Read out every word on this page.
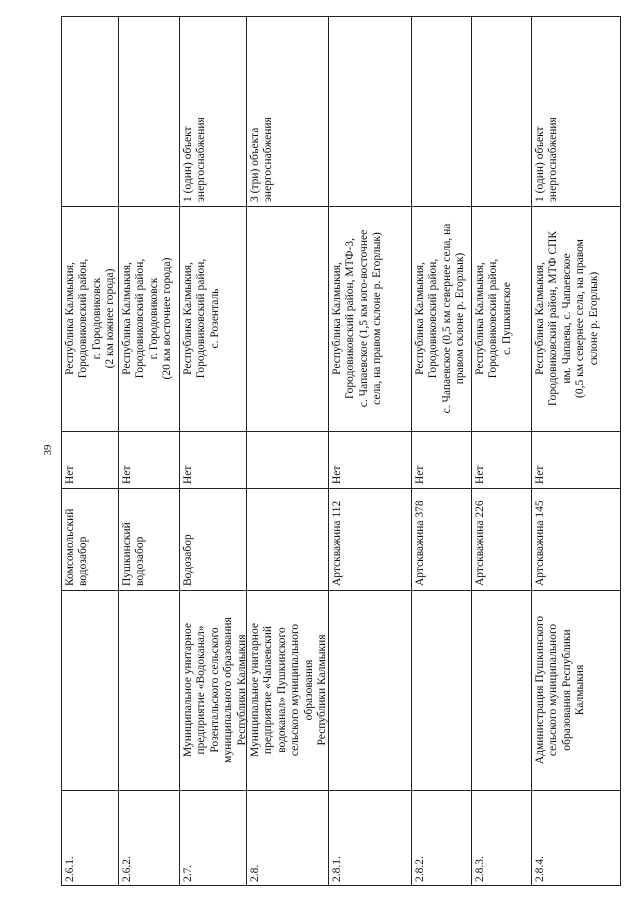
39
Республика Калмыкия,
Городовиковский район,
г. Городовиковск
(2 км южнее города)
Нет
Комсомольский водозабор
2.6.1.
Республика Калмыкия,
Городовиковский район,
г. Городовиковск
(20 км восточнее города)
Нет
Пушкинский водозабор
2.6.2.
1 (один) объект
энергоснабжения
Республика Калмыкия,
Городовиковский район,
с. Розенталь
Нет
Водозабор
Муниципальное унитарное
предприятие «Водоканал»
Розентальского сельского
муниципального образования
Республики Калмыкия
2.7.
3 (три) объекта
энергоснабжения
Муниципальное унитарное
предприятие «Чапаевский
водоканал» Пушкинского
сельского муниципального
образования
Республики Калмыкия
2.8.
Республика Калмыкия,
Городовиковский район, МТФ-3,
с. Чапаевское (1,5 км юго-восточнее
села, на правом склоне р. Егорлык)
Нет
Артскважина 112
2.8.1.
Республика Калмыкия,
Городовиковский район,
с. Чапаевское (0,5 км севернее села, на
правом склоне р. Егорлык)
Нет
Артскважина 378
2.8.2.
Республика Калмыкия,
Городовиковский район,
с. Пушкинское
Нет
Артскважина 226
2.8.3.
1 (один) объект
энергоснабжения
Республика Калмыкия,
Городовиковский район, МТФ СПК
им. Чапаева, с. Чапаевское
(0,5 км севернее села, на правом
склоне р. Егорлык)
Нет
Артскважина 145
Администрация Пушкинского
сельского муниципального
образования Республики
Калмыкия
2.8.4.
